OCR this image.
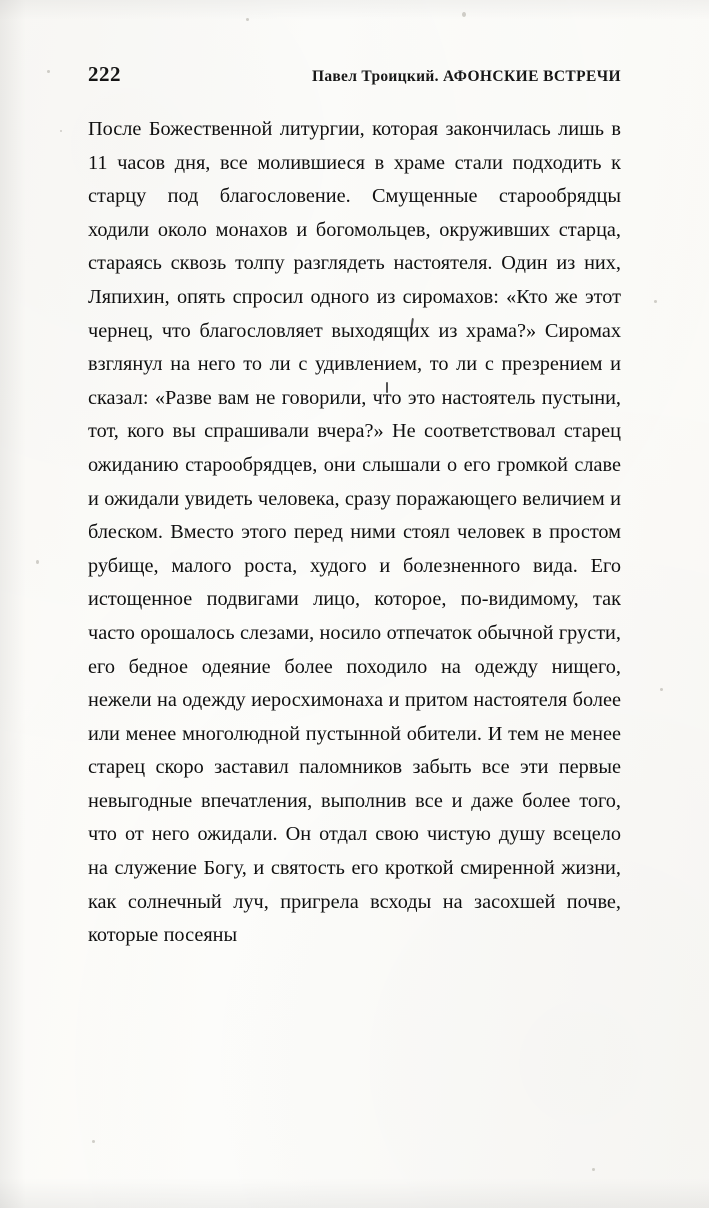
222	Павел Троицкий. АФОНСКИЕ ВСТРЕЧИ

После Божественной литургии, которая закончилась лишь в 11 часов дня, все молившиеся в храме стали подходить к старцу под благословение. Смущенные старообрядцы ходили около монахов и богомольцев, окруживших старца, стараясь сквозь толпу разглядеть настоятеля. Один из них, Ляпихин, опять спросил одного из сиромахов: «Кто же этот чернец, что благословляет выходящих из храма?» Сиромах взглянул на него то ли с удивлением, то ли с презрением и сказал: «Разве вам не говорили, что это настоятель пустыни, тот, кого вы спрашивали вчера?» Не соответствовал старец ожиданию старообрядцев, они слышали о его громкой славе и ожидали увидеть человека, сразу поражающего величием и блеском. Вместо этого перед ними стоял человек в простом рубище, малого роста, худого и болезненного вида. Его истощенное подвигами лицо, которое, по-видимому, так часто орошалось слезами, носило отпечаток обычной грусти, его бедное одеяние более походило на одежду нищего, нежели на одежду иеросхимонаха и притом настоятеля более или менее многолюдной пустынной обители. И тем не менее старец скоро заставил паломников забыть все эти первые невыгодные впечатления, выполнив все и даже более того, что от него ожидали. Он отдал свою чистую душу всецело на служение Богу, и святость его кроткой смиренной жизни, как солнечный луч, пригрела всходы на засохшей почве, которые посеяны
